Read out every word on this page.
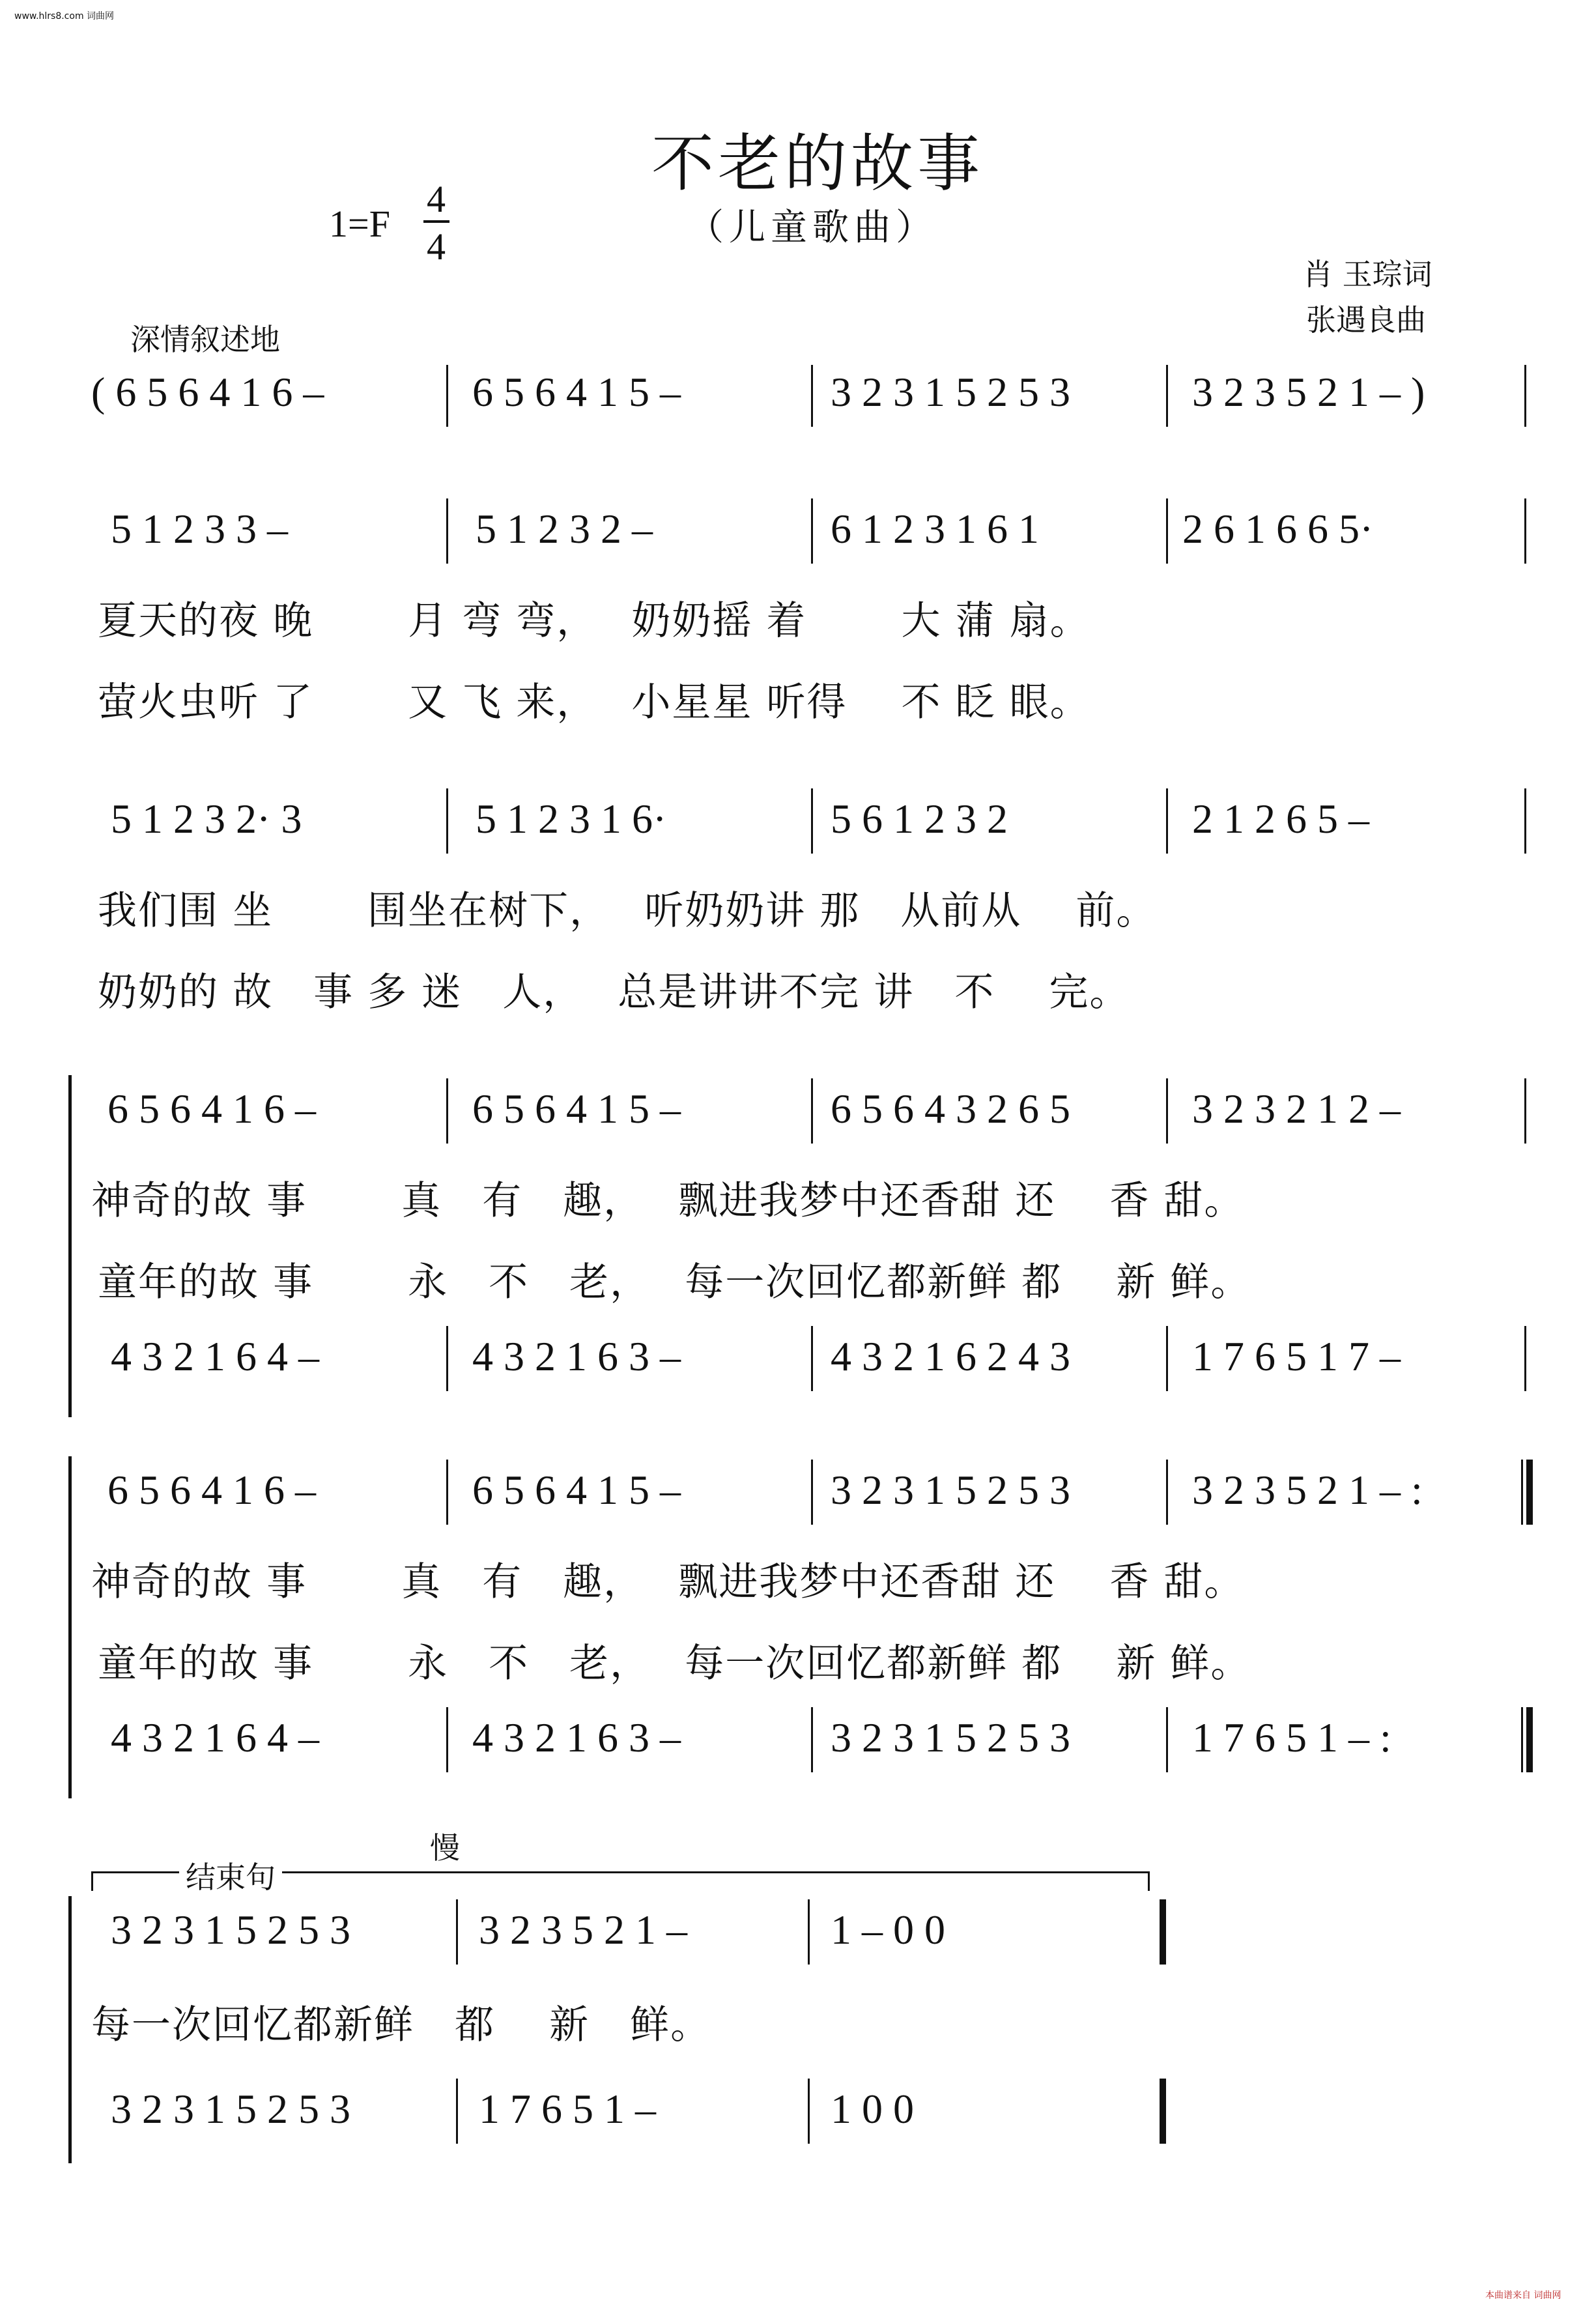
www.hlrs8.com 词曲网
不老的故事
（儿童歌曲）
1=F
4
4
肖 玉琮词
张遇良曲
深情叙述地
( 6 5 6 4 1 6 –	6 5 6 4 1 5 –	3 2 3 1 5 2 5 3	3 2 3 5 2 1 – )
5 1 2 3 3 –	5 1 2 3 2 –	6 1 2 3 1 6 1	2 6 1 6 6 5·
夏天的夜 晚　　 月 弯 弯，　 奶奶摇 着　　 大 蒲 扇。
萤火虫听 了　　 又 飞 来，　 小星星 听得　 不 眨 眼。
5 1 2 3 2· 3	5 1 2 3 1 6·	5 6 1 2 3 2	2 1 2 6 5 –
我们围 坐　　 围坐在树下，　 听奶奶讲 那　从前从　 前。
奶奶的 故　事 多 迷　人，　 总是讲讲不完 讲　不　 完。
6 5 6 4 1 6 –	6 5 6 4 1 5 –	6 5 6 4 3 2 6 5	3 2 3 2 1 2 –
神奇的故 事　　 真　有　趣，　 飘进我梦中还香甜 还　 香 甜。
童年的故 事　　 永　不　老，　 每一次回忆都新鲜 都　 新 鲜。
4 3 2 1 6 4 –	4 3 2 1 6 3 –	4 3 2 1 6 2 4 3	1 7 6 5 1 7 –
6 5 6 4 1 6 –	6 5 6 4 1 5 –	3 2 3 1 5 2 5 3	3 2 3 5 2 1 – :
神奇的故 事　　 真　有　趣，　 飘进我梦中还香甜 还　 香 甜。
童年的故 事　　 永　不　老，　 每一次回忆都新鲜 都　 新 鲜。
4 3 2 1 6 4 –	4 3 2 1 6 3 –	3 2 3 1 5 2 5 3	1 7 6 5 1 – :
结束句
慢
3 2 3 1 5 2 5 3	3 2 3 5 2 1 –	1 – 0 0
每一次回忆都新鲜　都　 新　鲜。
3 2 3 1 5 2 5 3	1 7 6 5 1 –	1 0 0
本曲谱来自 词曲网
